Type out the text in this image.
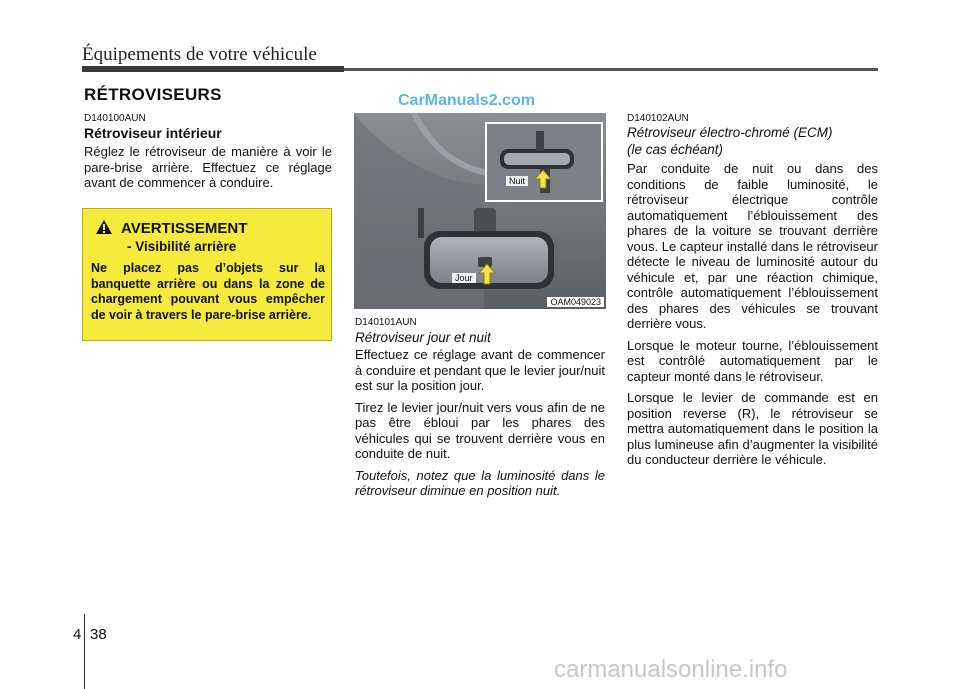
Équipements de votre véhicule
CarManuals2.com
RÉTROVISEURS
D140100AUN
Rétroviseur intérieur

Réglez le rétroviseur de manière à voir le pare-brise arrière. Effectuez ce réglage avant de commencer à conduire.

AVERTISSEMENT
- Visibilité arrière
Ne placez pas d’objets sur la banquette arrière ou dans la zone de chargement pouvant vous empêcher de voir à travers le pare-brise arrière.
Nuit
Jour
OAM049023
D140101AUN
Rétroviseur jour et nuit

Effectuez ce réglage avant de commencer à conduire et pendant que le levier jour/nuit est sur la position jour.

Tirez le levier jour/nuit vers vous afin de ne pas être ébloui par les phares des véhicules qui se trouvent derrière vous en conduite de nuit.

Toutefois, notez que la luminosité dans le rétroviseur diminue en position nuit.

D140102AUN
Rétroviseur électro-chromé (ECM)
(le cas échéant)

Par conduite de nuit ou dans des conditions de faible luminosité, le rétroviseur électrique contrôle automatiquement l’éblouissement des phares de la voiture se trouvant derrière vous. Le capteur installé dans le rétroviseur détecte le niveau de luminosité autour du véhicule et, par une réaction chimique, contrôle automatiquement l’éblouissement des phares des véhicules se trouvant derrière vous.

Lorsque le moteur tourne, l’éblouissement est contrôlé automatiquement par le capteur monté dans le rétroviseur.

Lorsque le levier de commande est en position reverse (R), le rétroviseur se mettra automatiquement dans le position la plus lumineuse afin d’augmenter la visibilité du conducteur derrière le véhicule.

4 38
carmanualsonline.info
